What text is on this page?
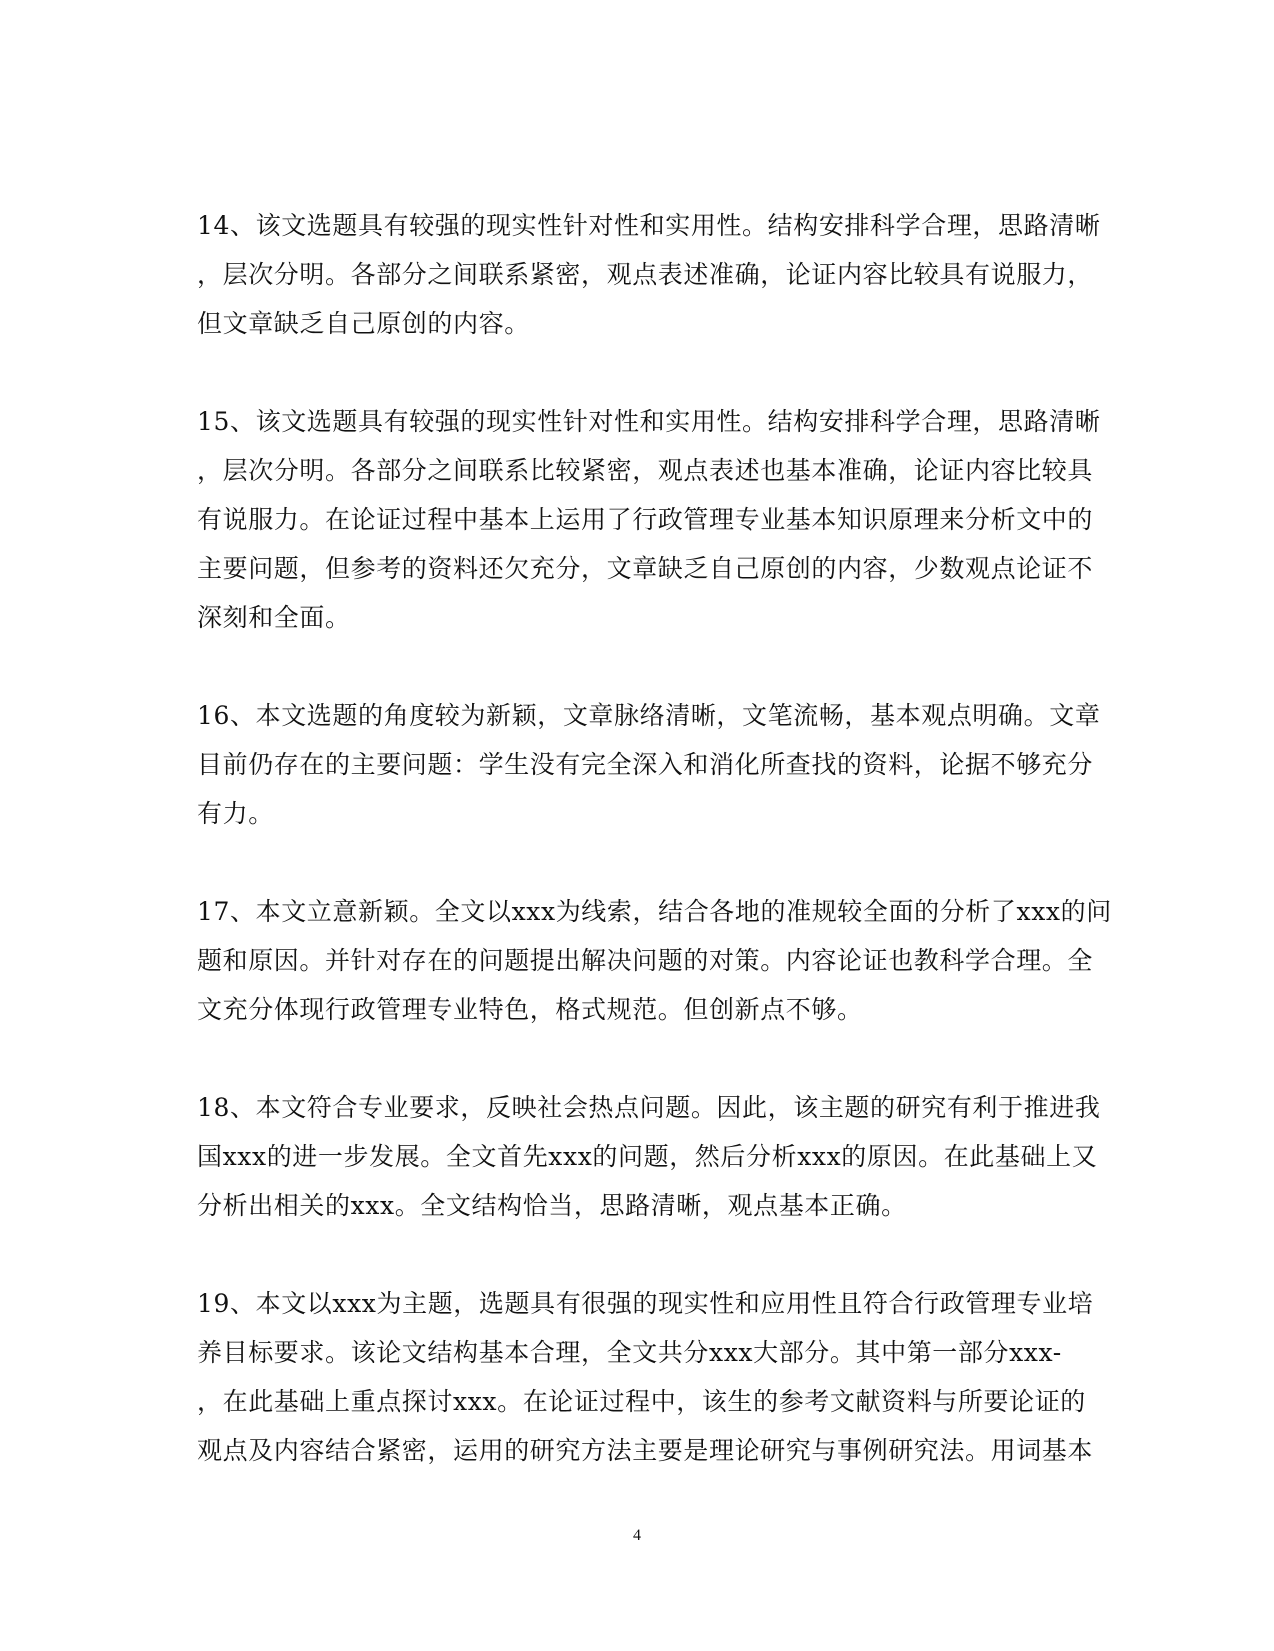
14、该文选题具有较强的现实性针对性和实用性。结构安排科学合理，思路清晰
，层次分明。各部分之间联系紧密，观点表述准确，论证内容比较具有说服力，
但文章缺乏自己原创的内容。
15、该文选题具有较强的现实性针对性和实用性。结构安排科学合理，思路清晰
，层次分明。各部分之间联系比较紧密，观点表述也基本准确，论证内容比较具
有说服力。在论证过程中基本上运用了行政管理专业基本知识原理来分析文中的
主要问题，但参考的资料还欠充分，文章缺乏自己原创的内容，少数观点论证不
深刻和全面。
16、本文选题的角度较为新颖，文章脉络清晰，文笔流畅，基本观点明确。文章
目前仍存在的主要问题：学生没有完全深入和消化所查找的资料，论据不够充分
有力。
17、本文立意新颖。全文以xxx为线索，结合各地的准规较全面的分析了xxx的问
题和原因。并针对存在的问题提出解决问题的对策。内容论证也教科学合理。全
文充分体现行政管理专业特色，格式规范。但创新点不够。
18、本文符合专业要求，反映社会热点问题。因此，该主题的研究有利于推进我
国xxx的进一步发展。全文首先xxx的问题，然后分析xxx的原因。在此基础上又
分析出相关的xxx。全文结构恰当，思路清晰，观点基本正确。
19、本文以xxx为主题，选题具有很强的现实性和应用性且符合行政管理专业培
养目标要求。该论文结构基本合理，全文共分xxx大部分。其中第一部分xxx-
，在此基础上重点探讨xxx。在论证过程中，该生的参考文献资料与所要论证的
观点及内容结合紧密，运用的研究方法主要是理论研究与事例研究法。用词基本
4
